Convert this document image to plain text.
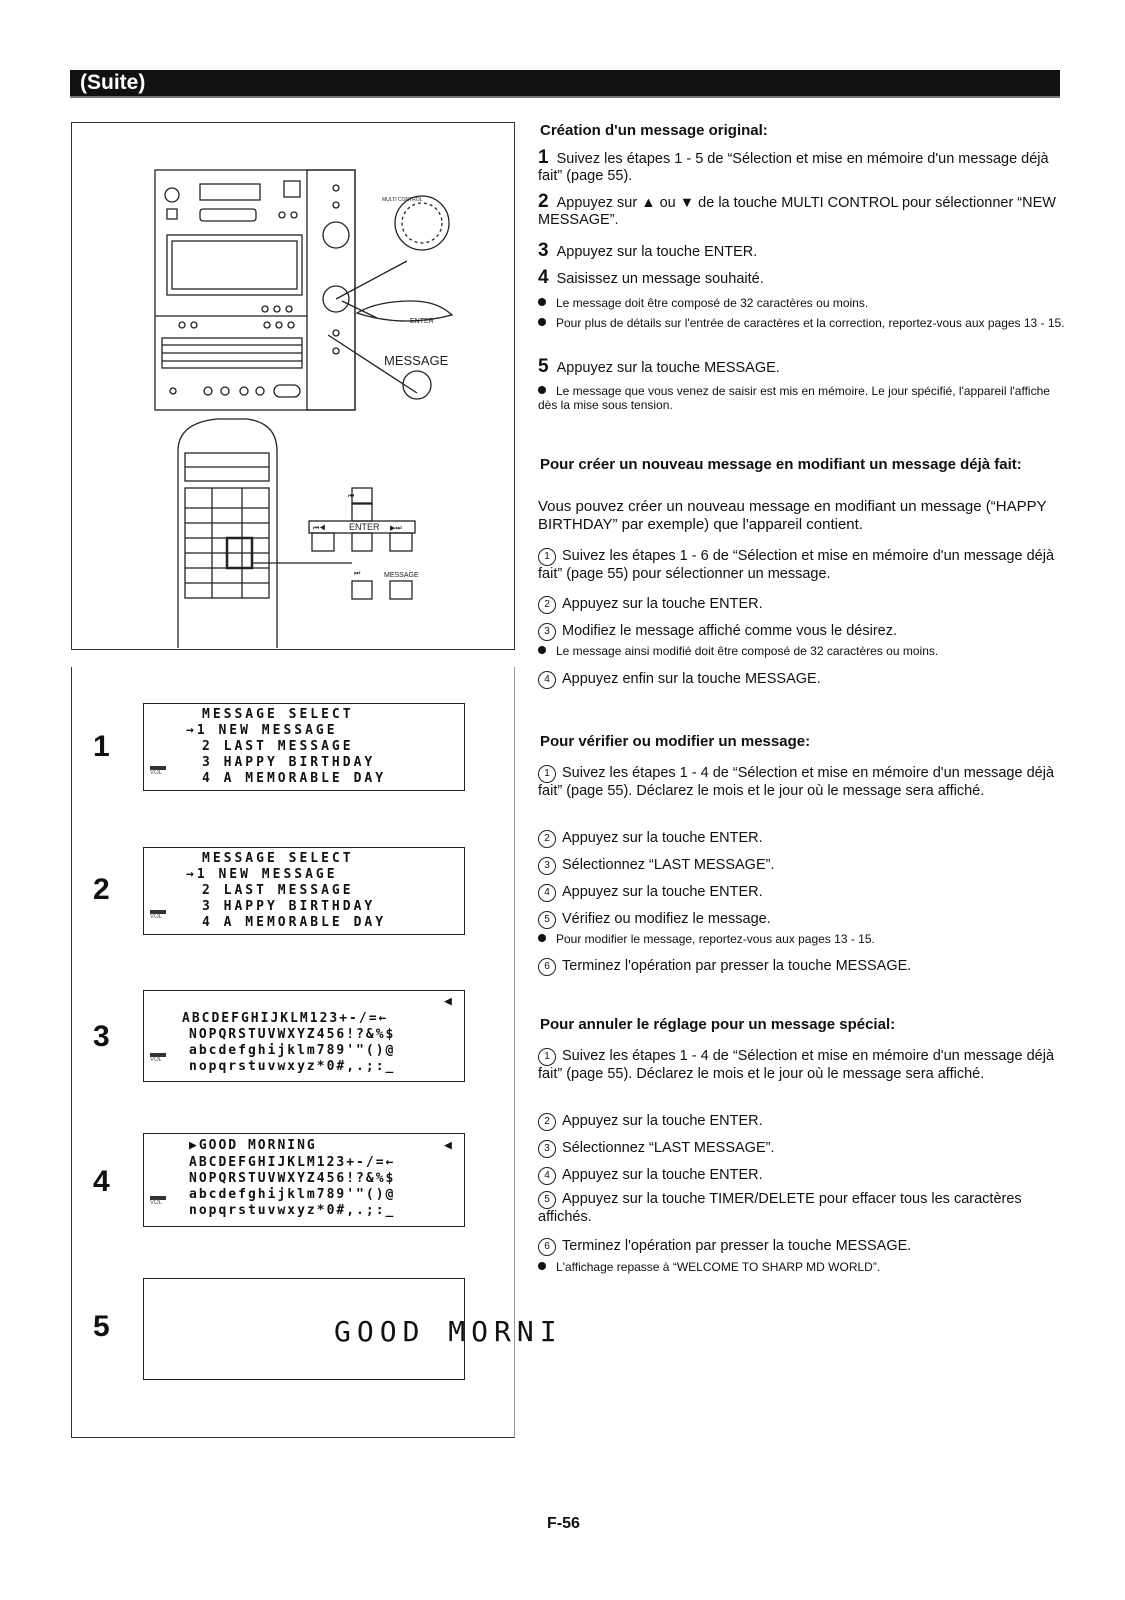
(Suite)
MULTI CONTROL
ENTER
MESSAGE
⏮
⏮◀	ENTER ▶⏭
⏭	MESSAGE
1
MESSAGE SELECT
→1 NEW MESSAGE
2 LAST MESSAGE
3 HAPPY BIRTHDAY
4 A MEMORABLE DAY
VOL
2
MESSAGE SELECT
→1 NEW MESSAGE
2 LAST MESSAGE
3 HAPPY BIRTHDAY
4 A MEMORABLE DAY
VOL
3
◀
ABCDEFGHIJKLM123+-/=←
NOPQRSTUVWXYZ456!?&%$
abcdefghijklm789'"()@
nopqrstuvwxyz*0#,.;:_
VOL
4
▶GOOD MORNING	◀
ABCDEFGHIJKLM123+-/=←
NOPQRSTUVWXYZ456!?&%$
abcdefghijklm789'"()@
nopqrstuvwxyz*0#,.;:_
VOL
5	GOOD MORNI
Création d'un message original:
1 Suivez les étapes 1 - 5 de “Sélection et mise en mémoire d'un message déjà fait” (page 55).
2 Appuyez sur ▲ ou ▼ de la touche MULTI CONTROL pour sélectionner “NEW MESSAGE”.
3 Appuyez sur la touche ENTER.
4 Saisissez un message souhaité.
Le message doit être composé de 32 caractères ou moins.
Pour plus de détails sur l'entrée de caractères et la correction, reportez-vous aux pages 13 - 15.
5 Appuyez sur la touche MESSAGE.
Le message que vous venez de saisir est mis en mémoire. Le jour spécifié, l'appareil l'affiche dès la mise sous tension.
Pour créer un nouveau message en modifiant un message déjà fait:
Vous pouvez créer un nouveau message en modifiant un message (“HAPPY BIRTHDAY” par exemple) que l'appareil contient.
1 Suivez les étapes 1 - 6 de “Sélection et mise en mémoire d'un message déjà fait” (page 55) pour sélectionner un message.
2 Appuyez sur la touche ENTER.
3 Modifiez le message affiché comme vous le désirez.
Le message ainsi modifié doit être composé de 32 caractères ou moins.
4 Appuyez enfin sur la touche MESSAGE.
Pour vérifier ou modifier un message:
1 Suivez les étapes 1 - 4 de “Sélection et mise en mémoire d'un message déjà fait” (page 55). Déclarez le mois et le jour où le message sera affiché.
2 Appuyez sur la touche ENTER.
3 Sélectionnez “LAST MESSAGE”.
4 Appuyez sur la touche ENTER.
5 Vérifiez ou modifiez le message.
Pour modifier le message, reportez-vous aux pages 13 - 15.
6 Terminez l'opération par presser la touche MESSAGE.
Pour annuler le réglage pour un message spécial:
1 Suivez les étapes 1 - 4 de “Sélection et mise en mémoire d'un message déjà fait” (page 55). Déclarez le mois et le jour où le message sera affiché.
2 Appuyez sur la touche ENTER.
3 Sélectionnez “LAST MESSAGE”.
4 Appuyez sur la touche ENTER.
5 Appuyez sur la touche TIMER/DELETE pour effacer tous les caractères affichés.
6 Terminez l'opération par presser la touche MESSAGE.
L'affichage repasse à “WELCOME TO SHARP MD WORLD”.
F-56
